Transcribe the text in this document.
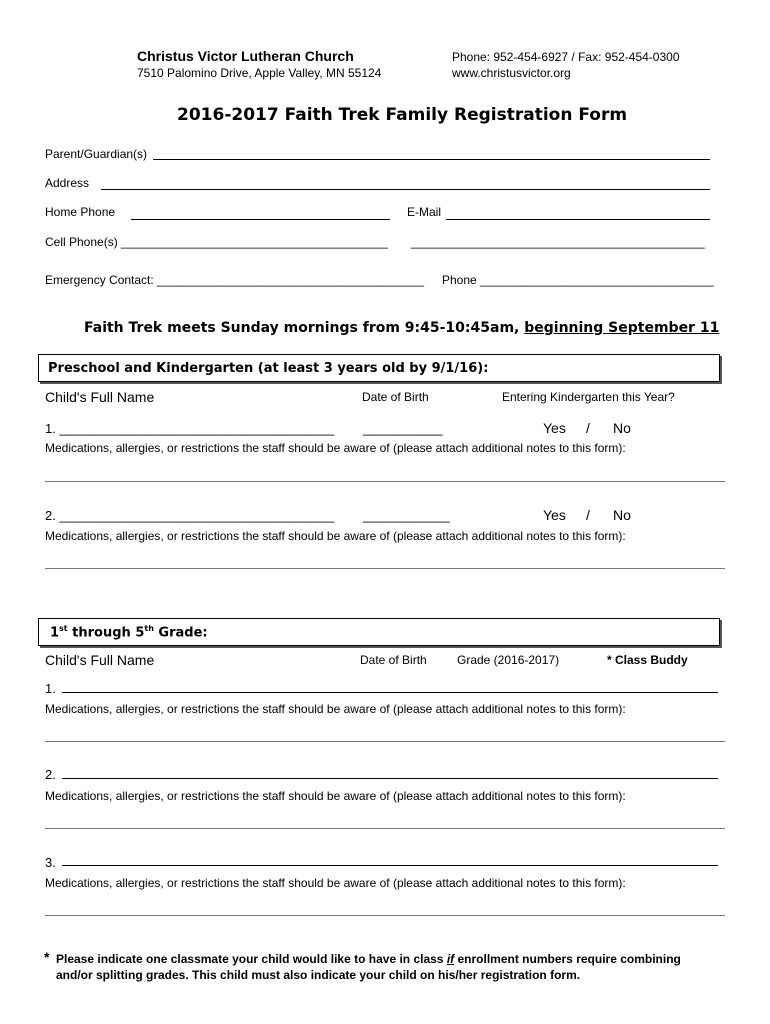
Christus Victor Lutheran Church
7510 Palomino Drive, Apple Valley, MN 55124
Phone: 952-454-6927 / Fax: 952-454-0300
www.christusvictor.org
2016-2017 Faith Trek Family Registration Form
Parent/Guardian(s)
Address
Home Phone	E-Mail
Cell Phone(s) ________________________________________ ____________________________________________
Emergency Contact: ________________________________________ Phone ___________________________________
Faith Trek meets Sunday mornings from 9:45-10:45am, beginning September 11
Preschool and Kindergarten (at least 3 years old by 9/1/16):
Child's Full Name	Date of Birth	Entering Kindergarten this Year?
1. ______________________________________ ___________	Yes / No
Medications, allergies, or restrictions the staff should be aware of (please attach additional notes to this form):
2. ______________________________________ ____________	Yes / No
Medications, allergies, or restrictions the staff should be aware of (please attach additional notes to this form):
1st through 5th Grade:
Child's Full Name	Date of Birth	Grade (2016-2017)	* Class Buddy
1.
Medications, allergies, or restrictions the staff should be aware of (please attach additional notes to this form):
2.
Medications, allergies, or restrictions the staff should be aware of (please attach additional notes to this form):
3.
Medications, allergies, or restrictions the staff should be aware of (please attach additional notes to this form):
* Please indicate one classmate your child would like to have in class if enrollment numbers require combining
and/or splitting grades. This child must also indicate your child on his/her registration form.
